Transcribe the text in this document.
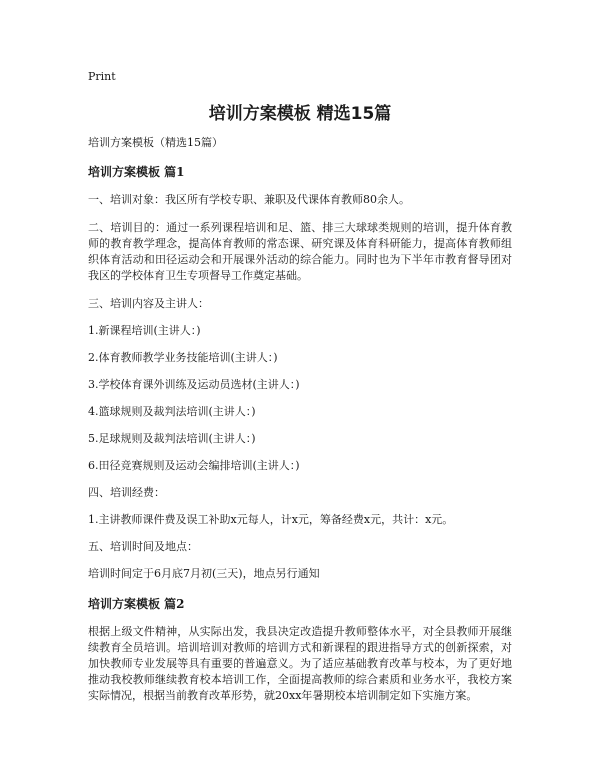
Print
培训方案模板 精选15篇
培训方案模板（精选15篇）
培训方案模板 篇1

一、培训对象：我区所有学校专职、兼职及代课体育教师80余人。

二、培训目的：通过一系列课程培训和足、篮、排三大球球类规则的培训，提升体育教师的教育教学理念，提高体育教师的常态课、研究课及体育科研能力，提高体育教师组织体育活动和田径运动会和开展课外活动的综合能力。同时也为下半年市教育督导团对我区的学校体育卫生专项督导工作奠定基础。

三、培训内容及主讲人：

1.新课程培训(主讲人：)

2.体育教师教学业务技能培训(主讲人：)

3.学校体育课外训练及运动员选材(主讲人：)

4.篮球规则及裁判法培训(主讲人：)

5.足球规则及裁判法培训(主讲人：)

6.田径竞赛规则及运动会编排培训(主讲人：)

四、培训经费：

1.主讲教师课件费及误工补助x元每人，计x元，筹备经费x元，共计：x元。

五、培训时间及地点：

培训时间定于6月底7月初(三天)，地点另行通知

培训方案模板 篇2

根据上级文件精神，从实际出发，我县决定改造提升教师整体水平，对全县教师开展继续教育全员培训。培训培训对教师的培训方式和新课程的跟进指导方式的创新探索，对加快教师专业发展等具有重要的普遍意义。为了适应基础教育改革与校本，为了更好地推动我校教师继续教育校本培训工作，全面提高教师的综合素质和业务水平，我校方案实际情况，根据当前教育改革形势，就20xx年暑期校本培训制定如下实施方案。
